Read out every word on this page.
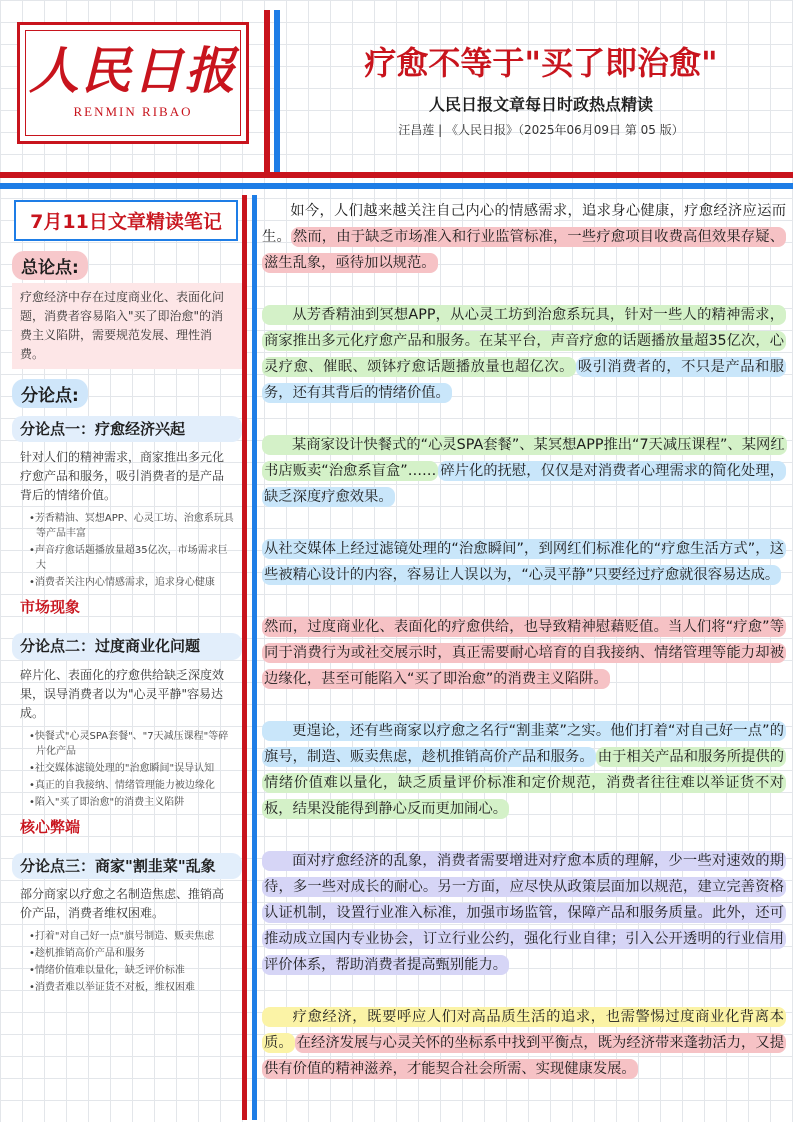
人民日报
RENMIN RIBAO
疗愈不等于"买了即治愈"
人民日报文章每日时政热点精读
汪昌莲 | 《人民日报》（2025年06月09日 第 05 版）
7月11日文章精读笔记
总论点:
疗愈经济中存在过度商业化、表面化问题，消费者容易陷入"买了即治愈"的消费主义陷阱，需要规范发展、理性消费。
分论点:
分论点一：疗愈经济兴起
针对人们的精神需求，商家推出多元化疗愈产品和服务，吸引消费者的是产品背后的情绪价值。
•芳香精油、冥想APP、心灵工坊、治愈系玩具等产品丰富
•声音疗愈话题播放量超35亿次，市场需求巨大
•消费者关注内心情感需求，追求身心健康
市场现象
分论点二：过度商业化问题
碎片化、表面化的疗愈供给缺乏深度效果，误导消费者以为"心灵平静"容易达成。
•快餐式"心灵SPA套餐"、"7天减压课程"等碎片化产品
•社交媒体滤镜处理的"治愈瞬间"误导认知
•真正的自我接纳、情绪管理能力被边缘化
•陷入"买了即治愈"的消费主义陷阱
核心弊端
分论点三：商家"割韭菜"乱象
部分商家以疗愈之名制造焦虑、推销高价产品，消费者维权困难。
•打着"对自己好一点"旗号制造、贩卖焦虑
•趁机推销高价产品和服务
•情绪价值难以量化，缺乏评价标准
•消费者难以举证货不对板，维权困难

如今，人们越来越关注自己内心的情感需求，追求身心健康，疗愈经济应运而生。 然而，由于缺乏市场准入和行业监管标准，一些疗愈项目收费高但效果存疑、滋生乱象，亟待加以规范。

从芳香精油到冥想APP，从心灵工坊到治愈系玩具，针对一些人的精神需求，商家推出多元化疗愈产品和服务。在某平台，声音疗愈的话题播放量超35亿次，心灵疗愈、催眠、颂钵疗愈话题播放量也超亿次。 吸引消费者的，不只是产品和服务，还有其背后的情绪价值。

某商家设计快餐式的“心灵SPA套餐”、某冥想APP推出“7天减压课程”、某网红书店贩卖“治愈系盲盒”…… 碎片化的抚慰，仅仅是对消费者心理需求的简化处理，缺乏深度疗愈效果。

从社交媒体上经过滤镜处理的“治愈瞬间”，到网红们标准化的“疗愈生活方式”，这些被精心设计的内容，容易让人误以为，“心灵平静”只要经过疗愈就很容易达成。

然而，过度商业化、表面化的疗愈供给，也导致精神慰藉贬值。当人们将“疗愈”等同于消费行为或社交展示时，真正需要耐心培育的自我接纳、情绪管理等能力却被边缘化，甚至可能陷入“买了即治愈”的消费主义陷阱。

更遑论，还有些商家以疗愈之名行“割韭菜”之实。他们打着“对自己好一点”的旗号，制造、贩卖焦虑，趁机推销高价产品和服务。 由于相关产品和服务所提供的情绪价值难以量化，缺乏质量评价标准和定价规范，消费者往往难以举证货不对板，结果没能得到静心反而更加闹心。

面对疗愈经济的乱象，消费者需要增进对疗愈本质的理解，少一些对速效的期待，多一些对成长的耐心。另一方面，应尽快从政策层面加以规范，建立完善资格认证机制，设置行业准入标准，加强市场监管，保障产品和服务质量。此外，还可推动成立国内专业协会，订立行业公约，强化行业自律；引入公开透明的行业信用评价体系，帮助消费者提高甄别能力。

疗愈经济，既要呼应人们对高品质生活的追求，也需警惕过度商业化背离本质。 在经济发展与心灵关怀的坐标系中找到平衡点，既为经济带来蓬勃活力，又提供有价值的精神滋养，才能契合社会所需、实现健康发展。
